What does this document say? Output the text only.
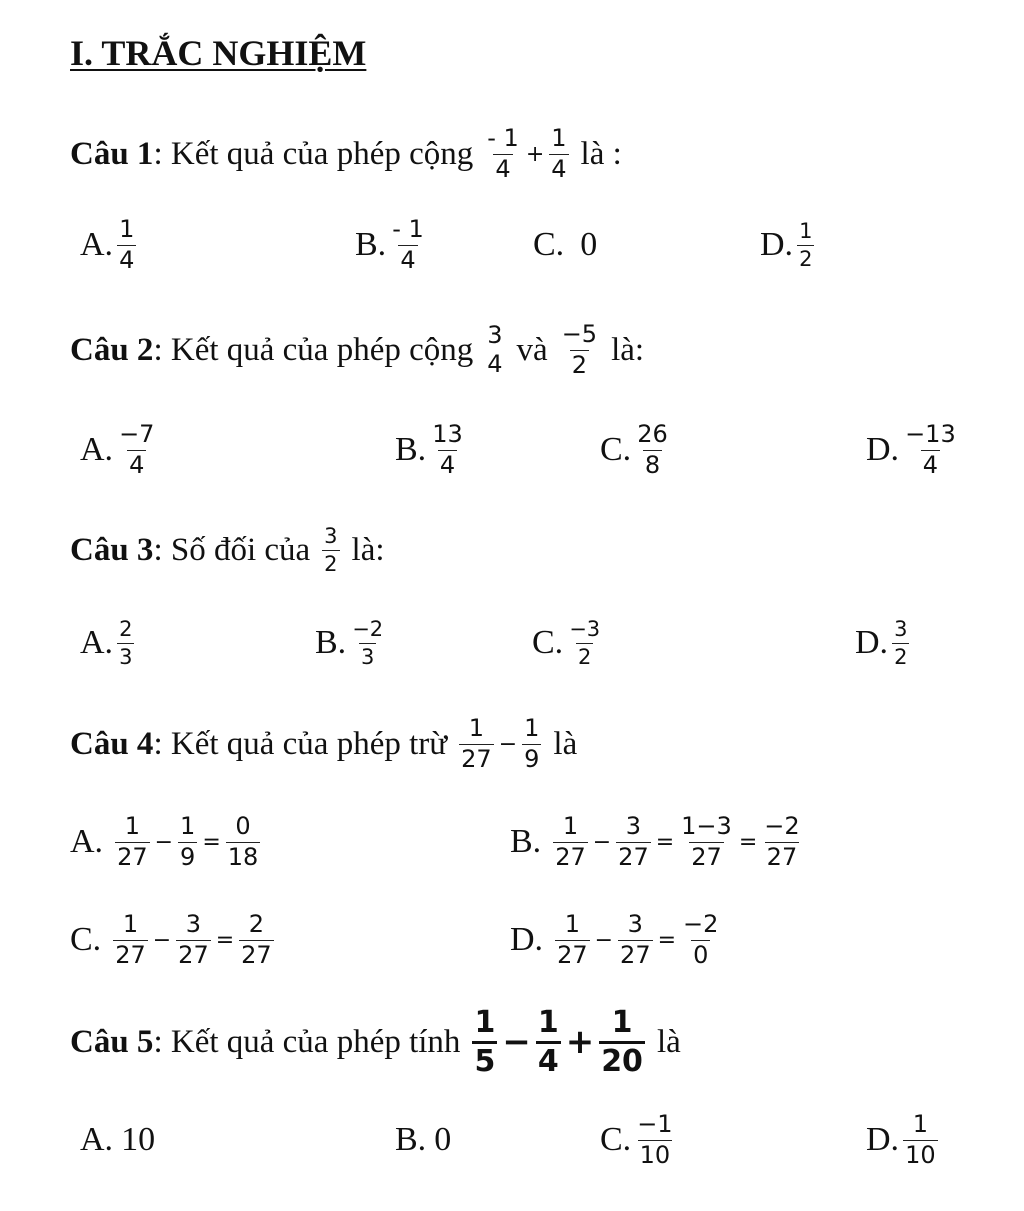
I. TRẮC NGHIỆM
Câu 1 : Kết quả của phép cộng $\frac{- 1}{4} + \frac{1}{4}$ là :
A. $\frac{1}{4}$	B. $\frac{- 1}{4}$	C. 0	D. $\frac{1}{2}$
Câu 2 : Kết quả của phép cộng 3
4 và $\frac{-5}{2}$ là:
A. $\frac{-7}{4}$	B. $\frac{13}{4}$	C. $\frac{26}{8}$	D. $\frac{-13}{4}$
Câu 3 : Số đối của $\frac{3}{2}$ là:
A. $\frac{2}{3}$	B. $\frac{-2}{3}$	C. $\frac{-3}{2}$	D. $\frac{3}{2}$
Câu 4 : Kết quả của phép trừ $\frac{1}{27} - \frac{1}{9}$ là
A. $\frac{1}{27} - \frac{1}{9} = \frac{0}{18}$	B. $\frac{1}{27} - \frac{3}{27} = \frac{1-3}{27} = \frac{-2}{27}$
C. $\frac{1}{27} - \frac{3}{27} = \frac{2}{27}$	D. $\frac{1}{27} - \frac{3}{27} = \frac{-2}{0}$
Câu 5 : Kết quả của phép tính $\frac{1}{5} - \frac{1}{4} + \frac{1}{20}$ là
A. 10	B. 0	C. $\frac{-1}{10}$	D. $\frac{1}{10}$
